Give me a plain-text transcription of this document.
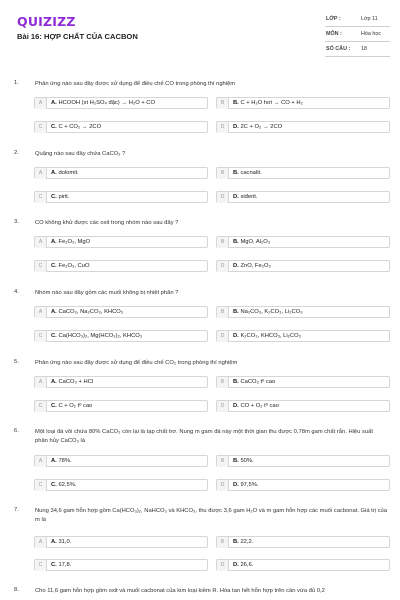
QUIZIZZ
Bài 16: HỢP CHẤT CỦA CACBON
LỚP :	Lớp 11
MÔN :	Hóa học
SỐ CÂU :	18
1.	Phản ứng nào sau đây được sử dụng để điều chế CO trong phòng thí nghiệm
A	A. HCOOH (xt H₂SO₄ đặc) → H₂O + CO	B	B. C + H₂O hơi → CO + H₂
C	C. C + CO₂ → 2CO	D	D. 2C + O₂ → 2CO
2.	Quặng nào sau đây chứa CaCO₃ ?
A	A. dolomit.	B	B. cacnalit.
C	C. pirit.	D	D. xiđerit.
3.	CO không khử được các oxit trong nhóm nào sau đây ?
A	A. Fe₂O₃, MgO	B	B. MgO, Al₂O₃
C	C. Fe₂O₃, CuO	D	D. ZnO, Fe₂O₃
4.	Nhóm nào sau đây gồm các muối không bị nhiệt phân ?
A	A. CaCO₃, Na₂CO₃, KHCO₃	B	B. Na₂CO₃, K₂CO₃, Li₂CO₃
C	C. Ca(HCO₃)₂, Mg(HCO₃)₂, KHCO₃	D	D. K₂CO₃, KHCO₃, Li₂CO₃
5.	Phản ứng nào sau đây được sử dụng để điều chế CO₂ trong phòng thí nghiệm
A	A. CaCO₃ + HCl	B	B. CaCO₃ tº cao
C	C. C + O₂ tº cao	D	D. CO + O₂ tº cao
6.	Một loại đá vôi chứa 80% CaCO₃ còn lại là tạp chất trơ. Nung m gam đá này một thời gian thu được 0,78m gam chất rắn. Hiệu suất phân hủy CaCO₃ là
A	A. 78%.	B	B. 50%.
C	C. 62,5%.	D	D. 97,5%.
7.	Nung 34,6 gam hỗn hợp gồm Ca(HCO₃)₂, NaHCO₃ và KHCO₃, thu được 3,6 gam H₂O và m gam hỗn hợp các muối cacbonat. Giá trị của m là
A	A. 31,0.	B	B. 22,2.
C	C. 17,8.	D	D. 26,6.
8.	Cho 11,6 gam hỗn hợp gồm oxit và muối cacbonat của kim loại kiềm R. Hòa tan hết hỗn hợp trên cần vừa đủ 0,2
